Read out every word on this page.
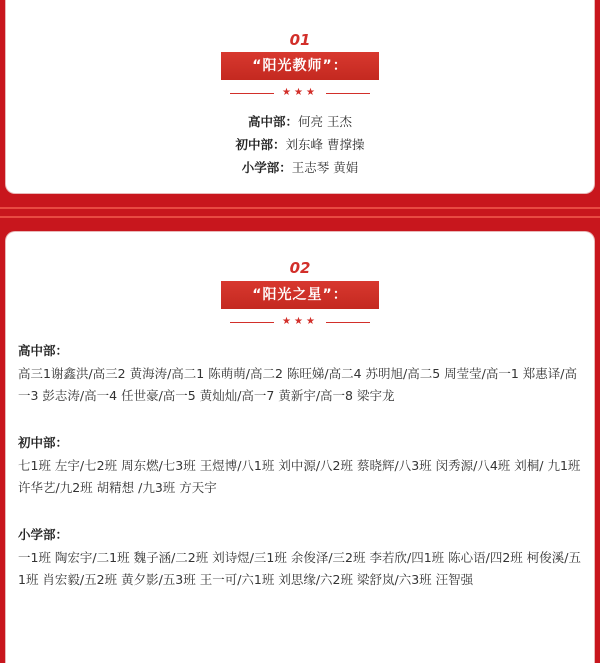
01
“阳光教师”：
★★★
高中部：何亮 王杰
初中部：刘东峰 曹撑操
小学部：王志琴 黄娟
02
“阳光之星”：
★★★
高中部：
高三1谢鑫洪/高三2 黄海涛/高二1 陈萌萌/高二2 陈旺娣/高二4 苏明旭/高二5 周莹莹/高一1 郑惠译/高一3 彭志涛/高一4 任世豪/高一5 黄灿灿/高一7 黄新宇/高一8 梁宇龙
初中部：
七1班 左宇/七2班 周东燃/七3班 王煜博/八1班 刘中源/八2班 蔡晓辉/八3班 闵秀源/八4班 刘桐/ 九1班 许华艺/九2班 胡精想 /九3班 方天宇
小学部：
一1班 陶宏宇/二1班 魏子涵/二2班 刘诗煜/三1班 余俊泽/三2班 李若欣/四1班 陈心语/四2班 柯俊溪/五1班 肖宏毅/五2班 黄夕影/五3班 王一可/六1班 刘思缘/六2班 梁舒岚/六3班 汪智强
